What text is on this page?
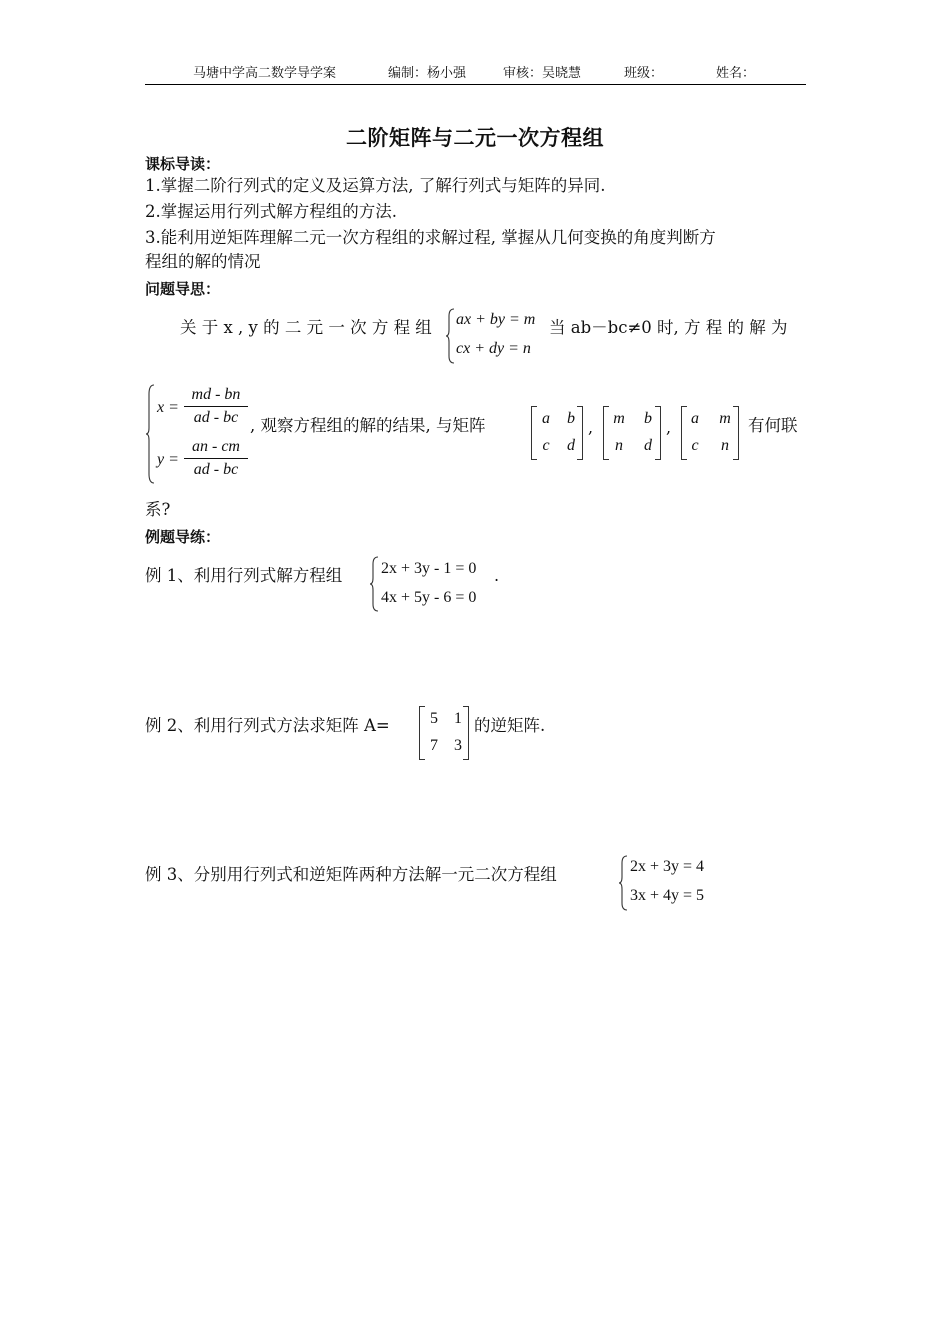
马塘中学高二数学导学案	编制：杨小强	审核：吴晓慧	班级：	姓名：
二阶矩阵与二元一次方程组
课标导读：
1.掌握二阶行列式的定义及运算方法, 了解行列式与矩阵的异同.
2.掌握运用行列式解方程组的方法.
3.能利用逆矩阵理解二元一次方程组的求解过程, 掌握从几何变换的角度判断方
程组的解的情况
问题导思：
关 于 x , y 的 二 元 一 次 方 程 组 ax + by = m
cx + dy = n
当 ab－bc≠0 时, 方 程 的 解 为
$x = \frac{md - bn}{ad - bc}$
$y = \frac{an - cm}{ad - bc}$
, 观察方程组的解的结果, 与矩阵	a	b
c	d
, m	b
n	d
,	a	m
c	n
有何联
系?
例题导练：
例 1、利用行列式解方程组 2x + 3y - 1 = 0
4x + 5y - 6 = 0
.
例 2、利用行列式方法求矩阵 A=	5	1
7	3
的逆矩阵.
例 3、分别用行列式和逆矩阵两种方法解一元二次方程组	2x + 3y = 4
3x + 4y = 5
